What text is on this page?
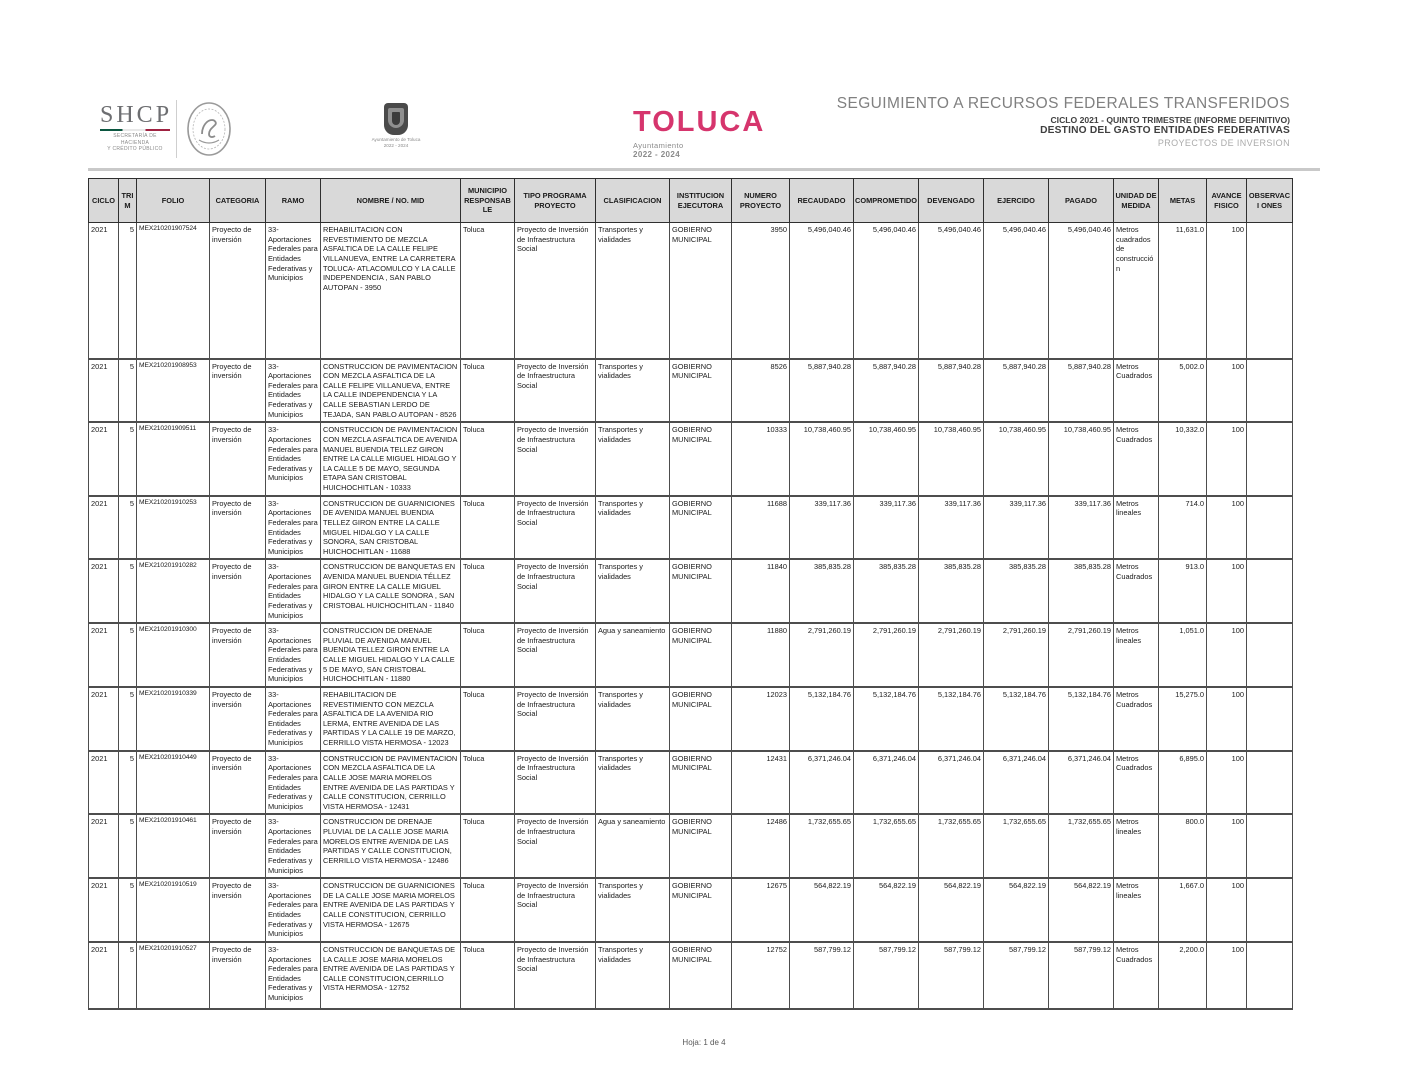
SHCP
SECRETARÍA DE HACIENDA
Y CRÉDITO PÚBLICO
Ayuntamiento de Toluca
2022 - 2024
TOLUCA
Ayuntamiento
2022 - 2024
SEGUIMIENTO A RECURSOS FEDERALES TRANSFERIDOS
CICLO 2021 - QUINTO TRIMESTRE (INFORME DEFINITIVO)
DESTINO DEL GASTO ENTIDADES FEDERATIVAS
PROYECTOS DE INVERSION
CICLO	TRIM	FOLIO	CATEGORIA	RAMO	NOMBRE / NO. MID	MUNICIPIO RESPONSABLE	TIPO PROGRAMA PROYECTO	CLASIFICACION	INSTITUCION EJECUTORA	NUMERO PROYECTO	RECAUDADO	COMPROMETIDO	DEVENGADO	EJERCIDO	PAGADO	UNIDAD DE MEDIDA	METAS	AVANCE FISICO	OBSERVACI ONES
2021	5	MEX210201907524	Proyecto de inversión	33-Aportaciones Federales para Entidades Federativas y Municipios	REHABILITACION CON REVESTIMIENTO DE MEZCLA ASFALTICA DE LA CALLE FELIPE VILLANUEVA, ENTRE LA CARRETERA TOLUCA- ATLACOMULCO Y LA CALLE INDEPENDENCIA , SAN PABLO AUTOPAN - 3950	Toluca	Proyecto de Inversión de Infraestructura Social	Transportes y vialidades	GOBIERNO MUNICIPAL	3950	5,496,040.46	5,496,040.46	5,496,040.46	5,496,040.46	5,496,040.46	Metros cuadrados de construcción	11,631.0	100	
2021	5	MEX210201908953	Proyecto de inversión	33-Aportaciones Federales para Entidades Federativas y Municipios	CONSTRUCCION DE PAVIMENTACION CON MEZCLA ASFALTICA DE LA CALLE FELIPE VILLANUEVA, ENTRE LA CALLE INDEPENDENCIA Y LA CALLE SEBASTIAN LERDO DE TEJADA, SAN PABLO AUTOPAN - 8526	Toluca	Proyecto de Inversión de Infraestructura Social	Transportes y vialidades	GOBIERNO MUNICIPAL	8526	5,887,940.28	5,887,940.28	5,887,940.28	5,887,940.28	5,887,940.28	Metros Cuadrados	5,002.0	100	
2021	5	MEX210201909511	Proyecto de inversión	33-Aportaciones Federales para Entidades Federativas y Municipios	CONSTRUCCION DE PAVIMENTACION CON MEZCLA ASFALTICA DE AVENIDA MANUEL BUENDIA TELLEZ GIRON ENTRE LA CALLE MIGUEL HIDALGO Y LA CALLE 5 DE MAYO, SEGUNDA ETAPA SAN CRISTOBAL HUICHOCHITLAN - 10333	Toluca	Proyecto de Inversión de Infraestructura Social	Transportes y vialidades	GOBIERNO MUNICIPAL	10333	10,738,460.95	10,738,460.95	10,738,460.95	10,738,460.95	10,738,460.95	Metros Cuadrados	10,332.0	100	
2021	5	MEX210201910253	Proyecto de inversión	33-Aportaciones Federales para Entidades Federativas y Municipios	CONSTRUCCION DE GUARNICIONES DE AVENIDA MANUEL BUENDIA TELLEZ GIRON ENTRE LA CALLE MIGUEL HIDALGO Y LA CALLE SONORA, SAN CRISTOBAL HUICHOCHITLAN - 11688	Toluca	Proyecto de Inversión de Infraestructura Social	Transportes y vialidades	GOBIERNO MUNICIPAL	11688	339,117.36	339,117.36	339,117.36	339,117.36	339,117.36	Metros lineales	714.0	100	
2021	5	MEX210201910282	Proyecto de inversión	33-Aportaciones Federales para Entidades Federativas y Municipios	CONSTRUCCION DE BANQUETAS EN AVENIDA MANUEL BUENDIA TÉLLEZ GIRON ENTRE LA CALLE MIGUEL HIDALGO Y LA CALLE SONORA , SAN CRISTOBAL HUICHOCHITLAN - 11840	Toluca	Proyecto de Inversión de Infraestructura Social	Transportes y vialidades	GOBIERNO MUNICIPAL	11840	385,835.28	385,835.28	385,835.28	385,835.28	385,835.28	Metros Cuadrados	913.0	100	
2021	5	MEX210201910300	Proyecto de inversión	33-Aportaciones Federales para Entidades Federativas y Municipios	CONSTRUCCION DE DRENAJE PLUVIAL DE AVENIDA MANUEL BUENDIA TELLEZ GIRON ENTRE LA CALLE MIGUEL HIDALGO Y LA CALLE 5 DE MAYO, SAN CRISTOBAL HUICHOCHITLAN - 11880	Toluca	Proyecto de Inversión de Infraestructura Social	Agua y saneamiento	GOBIERNO MUNICIPAL	11880	2,791,260.19	2,791,260.19	2,791,260.19	2,791,260.19	2,791,260.19	Metros lineales	1,051.0	100	
2021	5	MEX210201910339	Proyecto de inversión	33-Aportaciones Federales para Entidades Federativas y Municipios	REHABILITACION DE REVESTIMIENTO CON MEZCLA ASFALTICA DE LA AVENIDA RIO LERMA, ENTRE AVENIDA DE LAS PARTIDAS Y LA CALLE 19 DE MARZO, CERRILLO VISTA HERMOSA - 12023	Toluca	Proyecto de Inversión de Infraestructura Social	Transportes y vialidades	GOBIERNO MUNICIPAL	12023	5,132,184.76	5,132,184.76	5,132,184.76	5,132,184.76	5,132,184.76	Metros Cuadrados	15,275.0	100	
2021	5	MEX210201910449	Proyecto de inversión	33-Aportaciones Federales para Entidades Federativas y Municipios	CONSTRUCCION DE PAVIMENTACION CON MEZCLA ASFALTICA DE LA CALLE JOSE MARIA MORELOS ENTRE AVENIDA DE LAS PARTIDAS Y CALLE CONSTITUCION, CERRILLO VISTA HERMOSA - 12431	Toluca	Proyecto de Inversión de Infraestructura Social	Transportes y vialidades	GOBIERNO MUNICIPAL	12431	6,371,246.04	6,371,246.04	6,371,246.04	6,371,246.04	6,371,246.04	Metros Cuadrados	6,895.0	100	
2021	5	MEX210201910461	Proyecto de inversión	33-Aportaciones Federales para Entidades Federativas y Municipios	CONSTRUCCION DE DRENAJE PLUVIAL DE LA CALLE JOSE MARIA MORELOS ENTRE AVENIDA DE LAS PARTIDAS Y CALLE CONSTITUCION, CERRILLO VISTA HERMOSA - 12486	Toluca	Proyecto de Inversión de Infraestructura Social	Agua y saneamiento	GOBIERNO MUNICIPAL	12486	1,732,655.65	1,732,655.65	1,732,655.65	1,732,655.65	1,732,655.65	Metros lineales	800.0	100	
2021	5	MEX210201910519	Proyecto de inversión	33-Aportaciones Federales para Entidades Federativas y Municipios	CONSTRUCCION DE GUARNICIONES DE LA CALLE JOSE MARIA MORELOS ENTRE AVENIDA DE LAS PARTIDAS Y CALLE CONSTITUCION, CERRILLO VISTA HERMOSA - 12675	Toluca	Proyecto de Inversión de Infraestructura Social	Transportes y vialidades	GOBIERNO MUNICIPAL	12675	564,822.19	564,822.19	564,822.19	564,822.19	564,822.19	Metros lineales	1,667.0	100	
2021	5	MEX210201910527	Proyecto de inversión	33-Aportaciones Federales para Entidades Federativas y Municipios	CONSTRUCCION DE BANQUETAS DE LA CALLE JOSE MARIA MORELOS ENTRE AVENIDA DE LAS PARTIDAS Y CALLE CONSTITUCION,CERRILLO VISTA HERMOSA - 12752	Toluca	Proyecto de Inversión de Infraestructura Social	Transportes y vialidades	GOBIERNO MUNICIPAL	12752	587,799.12	587,799.12	587,799.12	587,799.12	587,799.12	Metros Cuadrados	2,200.0	100	
Hoja: 1 de 4
